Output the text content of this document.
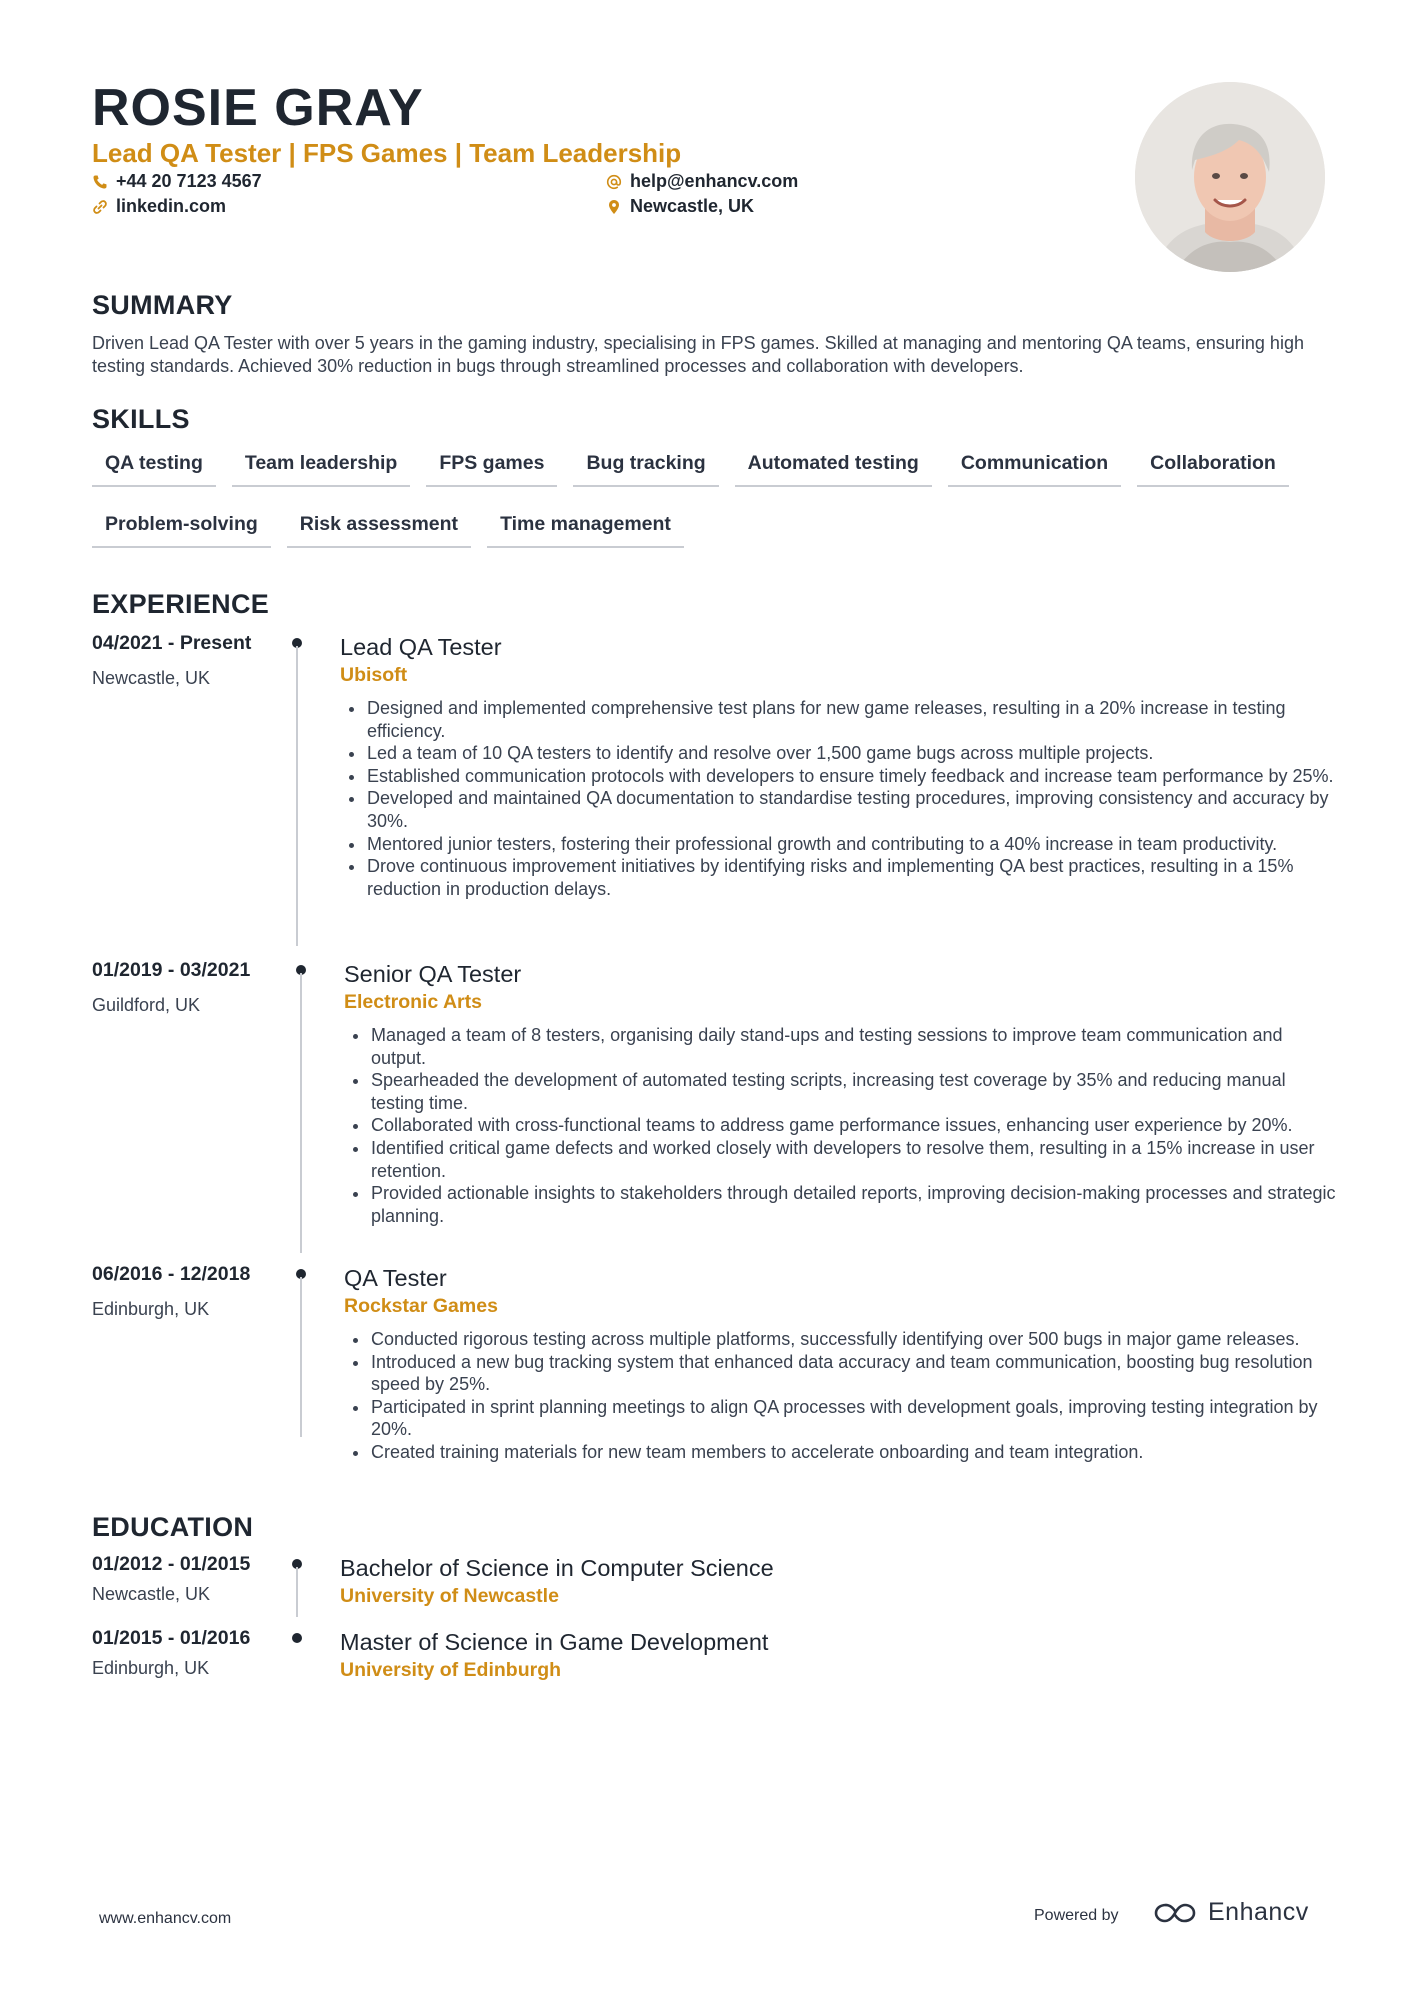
ROSIE GRAY
Lead QA Tester | FPS Games | Team Leadership
+44 20 7123 4567
linkedin.com
help@enhancv.com
Newcastle, UK
SUMMARY
Driven Lead QA Tester with over 5 years in the gaming industry, specialising in FPS games. Skilled at managing and mentoring QA teams, ensuring high testing standards. Achieved 30% reduction in bugs through streamlined processes and collaboration with developers.
SKILLS
QA testing	Team leadership	FPS games	Bug tracking	Automated testing	Communication	Collaboration
Problem-solving	Risk assessment	Time management
EXPERIENCE
04/2021 - Present
Newcastle, UK
Lead QA Tester
Ubisoft
Designed and implemented comprehensive test plans for new game releases, resulting in a 20% increase in testing efficiency.
Led a team of 10 QA testers to identify and resolve over 1,500 game bugs across multiple projects.
Established communication protocols with developers to ensure timely feedback and increase team performance by 25%.
Developed and maintained QA documentation to standardise testing procedures, improving consistency and accuracy by 30%.
Mentored junior testers, fostering their professional growth and contributing to a 40% increase in team productivity.
Drove continuous improvement initiatives by identifying risks and implementing QA best practices, resulting in a 15% reduction in production delays.
01/2019 - 03/2021
Guildford, UK
Senior QA Tester
Electronic Arts
Managed a team of 8 testers, organising daily stand-ups and testing sessions to improve team communication and output.
Spearheaded the development of automated testing scripts, increasing test coverage by 35% and reducing manual testing time.
Collaborated with cross-functional teams to address game performance issues, enhancing user experience by 20%.
Identified critical game defects and worked closely with developers to resolve them, resulting in a 15% increase in user retention.
Provided actionable insights to stakeholders through detailed reports, improving decision-making processes and strategic planning.
06/2016 - 12/2018
Edinburgh, UK
QA Tester
Rockstar Games
Conducted rigorous testing across multiple platforms, successfully identifying over 500 bugs in major game releases.
Introduced a new bug tracking system that enhanced data accuracy and team communication, boosting bug resolution speed by 25%.
Participated in sprint planning meetings to align QA processes with development goals, improving testing integration by 20%.
Created training materials for new team members to accelerate onboarding and team integration.
EDUCATION
01/2012 - 01/2015
Newcastle, UK
Bachelor of Science in Computer Science
University of Newcastle
01/2015 - 01/2016
Edinburgh, UK
Master of Science in Game Development
University of Edinburgh
www.enhancv.com	Powered by	Enhancv
